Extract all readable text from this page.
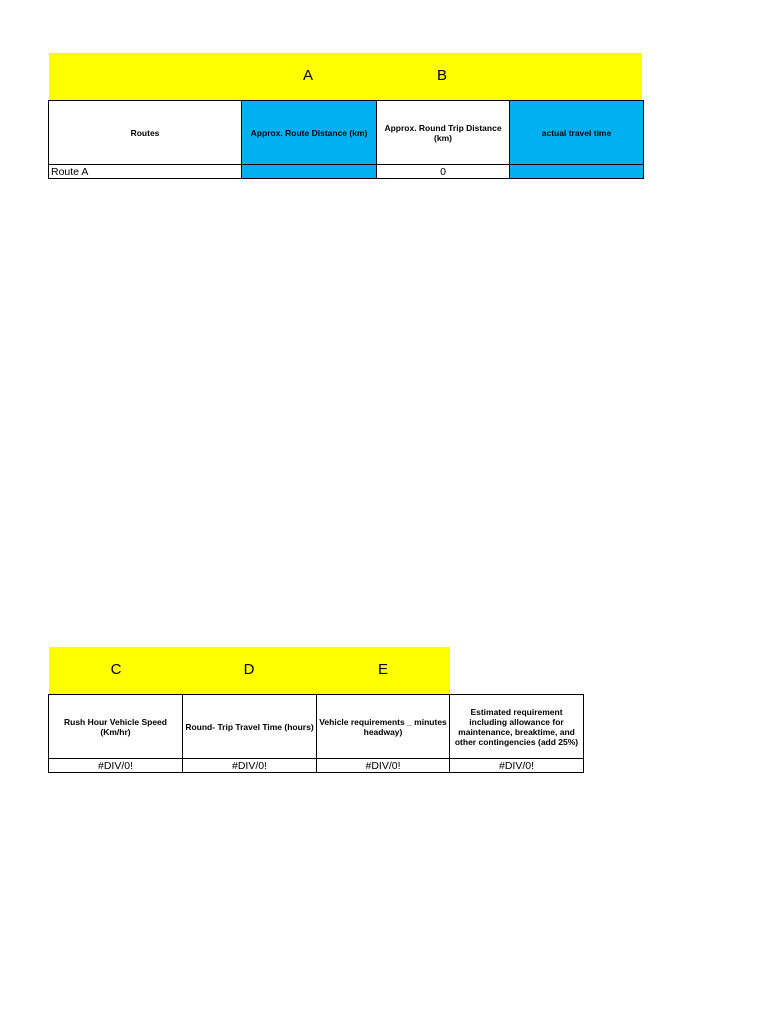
A	B
Routes	Approx. Route Distance (km)	Approx. Round Trip Distance (km)	actual travel time
Route A		0	
C	D	E
Rush Hour Vehicle Speed (Km/hr)	Round- Trip Travel Time (hours)	Vehicle requirements _ minutes headway)	Estimated requirement including allowance for maintenance, breaktime, and other contingencies (add 25%)
#DIV/0!	#DIV/0!	#DIV/0!	#DIV/0!
